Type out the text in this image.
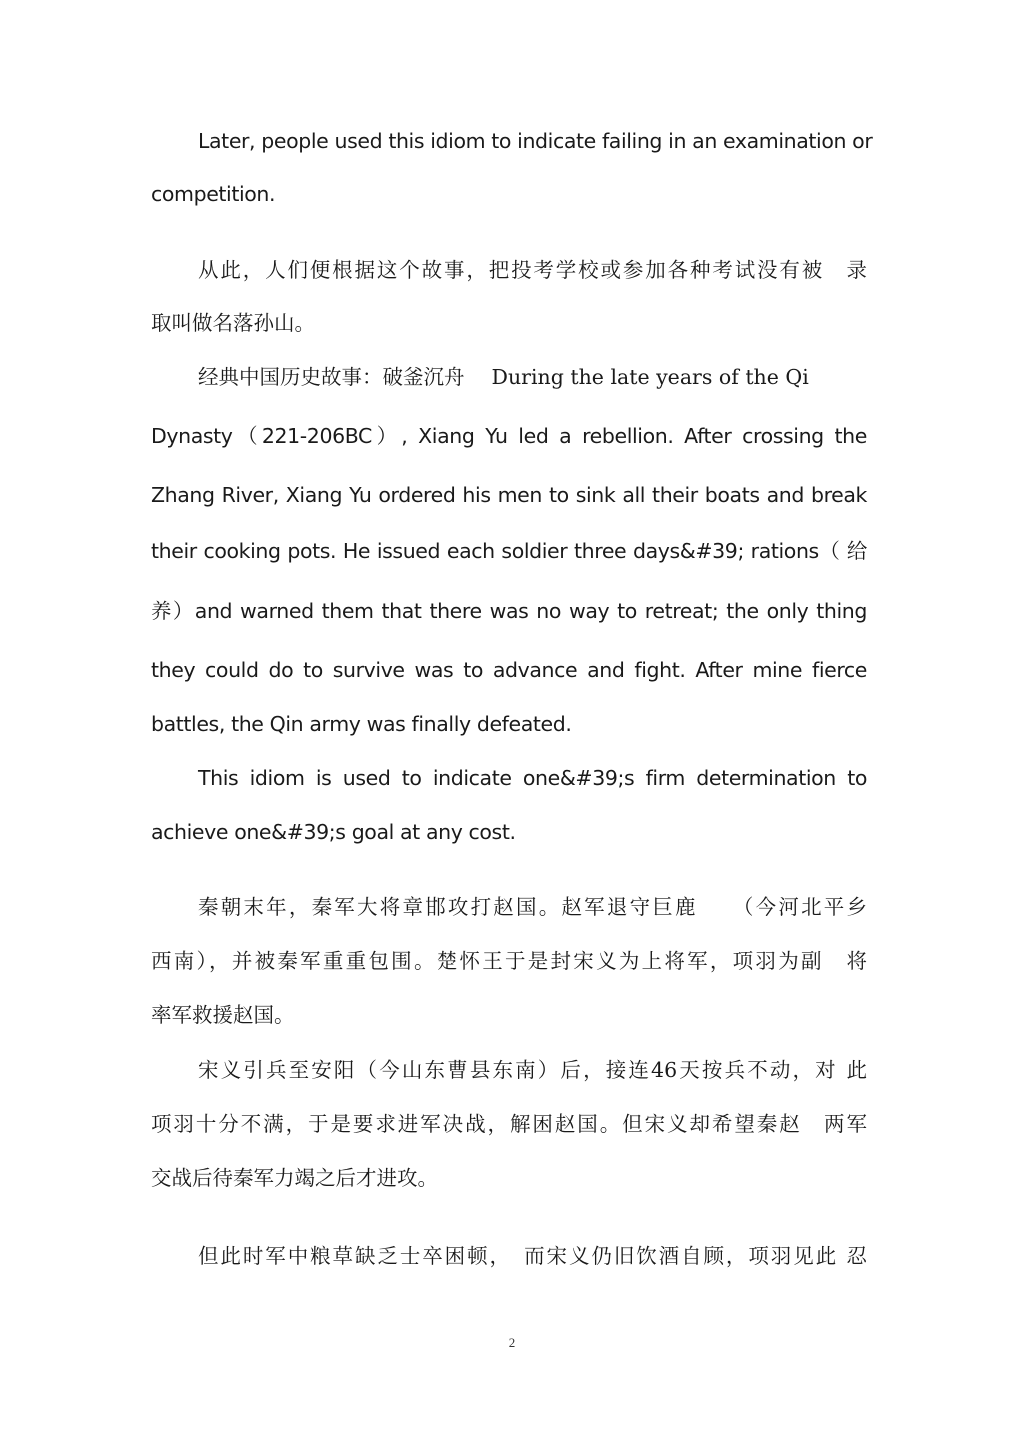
Later, people used this idiom to indicate failing in an examination or
competition.
从此，人们便根据这个故事，把投考学校或参加各种考试没有被　录
取叫做名落孙山。
经典中国历史故事：破釜沉舟　 During the late years of the Qi
Dynasty（221-206BC）, Xiang Yu led a rebellion. After crossing the
Zhang River, Xiang Yu ordered his men to sink all their boats and break
their cooking pots. He issued each soldier three days&#39; rations（ 给
养）and warned them that there was no way to retreat; the only thing
they could do to survive was to advance and fight. After mine fierce
battles, the Qin army was finally defeated.
This idiom is used to indicate one&#39;s firm determination to
achieve one&#39;s goal at any cost.
秦朝末年，秦军大将章邯攻打赵国。赵军退守巨鹿　　（今河北平乡
西南），并被秦军重重包围。楚怀王于是封宋义为上将军，项羽为副　将
率军救援赵国。
宋义引兵至安阳（今山东曹县东南）后，接连46天按兵不动，对 此
项羽十分不满，于是要求进军决战，解困赵国。但宋义却希望秦赵　两军
交战后待秦军力竭之后才进攻。
但此时军中粮草缺乏士卒困顿，　而宋义仍旧饮酒自顾，项羽见此 忍
2
